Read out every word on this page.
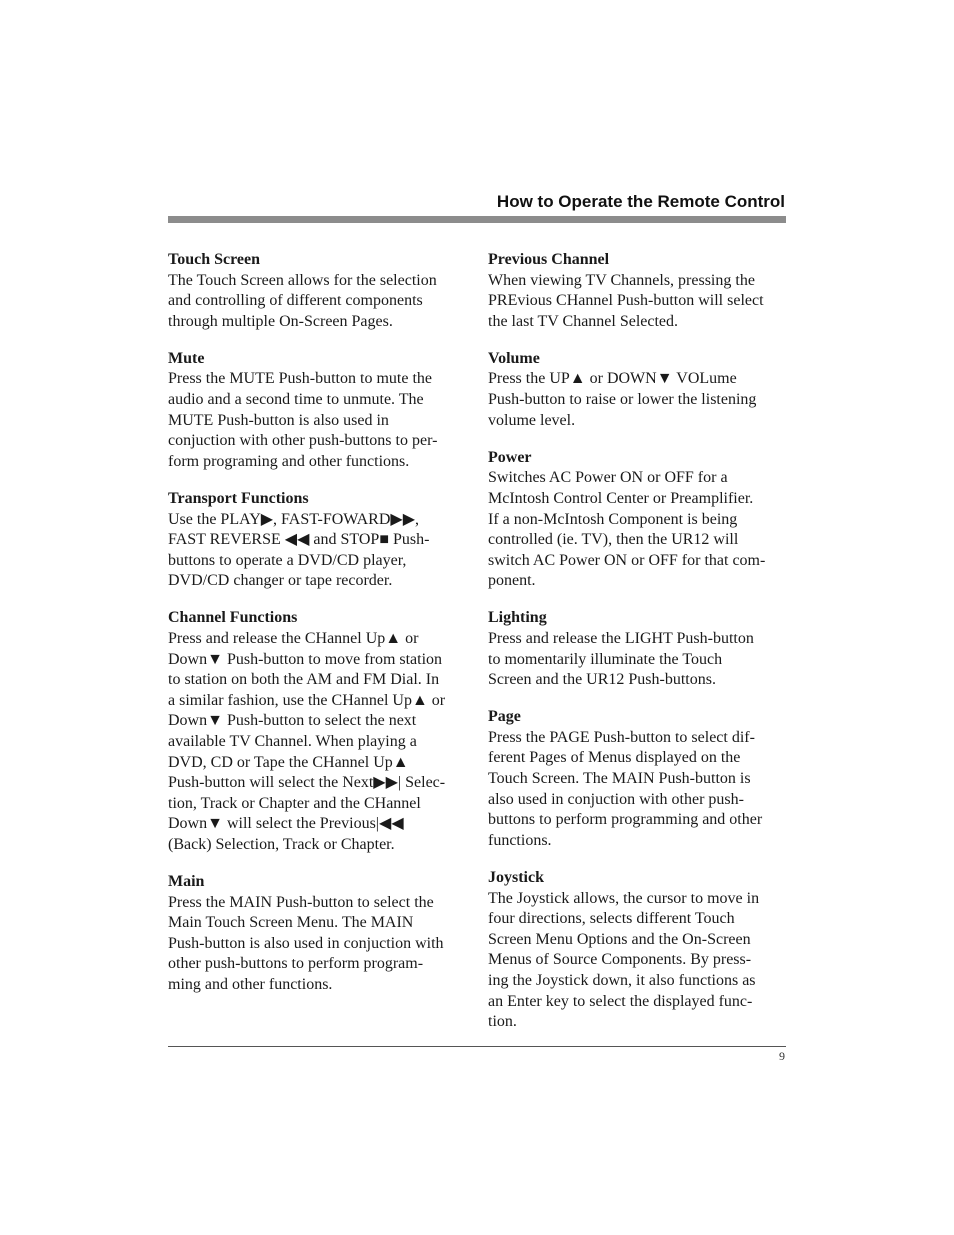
How to Operate the Remote Control
Touch Screen
The Touch Screen allows for the selection
and controlling of different components
through multiple On-Screen Pages.
Mute
Press the MUTE Push-button to mute the
audio and a second time to unmute. The
MUTE Push-button is also used in
conjuction with other push-buttons to per-
form programing and other functions.
Transport Functions
Use the PLAY▶, FAST-FOWARD▶▶,
FAST REVERSE ◀◀ and STOP■ Push-
buttons to operate a DVD/CD player,
DVD/CD changer or tape recorder.
Channel Functions
Press and release the CHannel Up▲ or
Down▼ Push-button to move from station
to station on both the AM and FM Dial. In
a similar fashion, use the CHannel Up▲ or
Down▼ Push-button to select the next
available TV Channel. When playing a
DVD, CD or Tape the CHannel Up▲
Push-button will select the Next▶▶| Selec-
tion, Track or Chapter and the CHannel
Down▼ will select the Previous|◀◀
(Back) Selection, Track or Chapter.
Main
Press the MAIN Push-button to select the
Main Touch Screen Menu. The MAIN
Push-button is also used in conjuction with
other push-buttons to perform program-
ming and other functions.
Previous Channel
When viewing TV Channels, pressing the
PREvious CHannel Push-button will select
the last TV Channel Selected.
Volume
Press the UP▲ or DOWN▼ VOLume
Push-button to raise or lower the listening
volume level.
Power
Switches AC Power ON or OFF for a
McIntosh Control Center or Preamplifier.
If a non-McIntosh Component is being
controlled (ie. TV), then the UR12 will
switch AC Power ON or OFF for that com-
ponent.
Lighting
Press and release the LIGHT Push-button
to momentarily illuminate the Touch
Screen and the UR12 Push-buttons.
Page
Press the PAGE Push-button to select dif-
ferent Pages of Menus displayed on the
Touch Screen. The MAIN Push-button is
also used in conjuction with other push-
buttons to perform programming and other
functions.
Joystick
The Joystick allows, the cursor to move in
four directions, selects different Touch
Screen Menu Options and the On-Screen
Menus of Source Components. By press-
ing the Joystick down, it also functions as
an Enter key to select the displayed func-
tion.
9
